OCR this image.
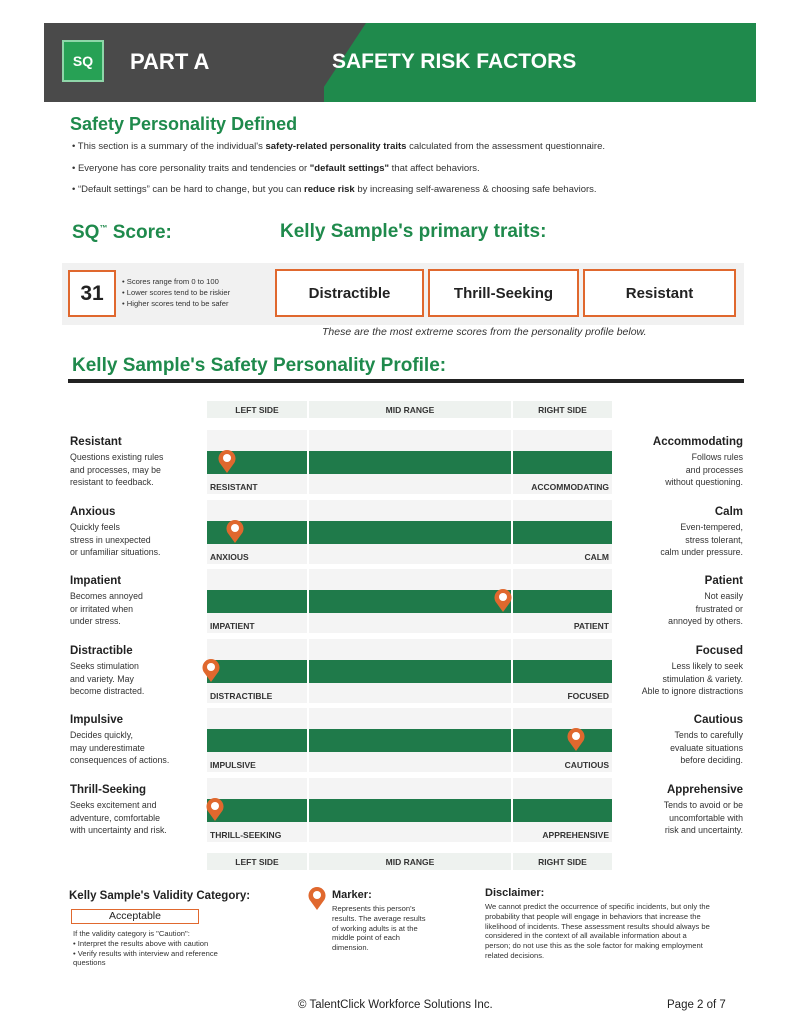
SQ	PART A	SAFETY RISK FACTORS
Safety Personality Defined
• This section is a summary of the individual's safety-related personality traits calculated from the assessment questionnaire.
• Everyone has core personality traits and tendencies or "default settings" that affect behaviors.
• “Default settings” can be hard to change, but you can reduce risk by increasing self-awareness & choosing safe behaviors.
SQ™ Score:	Kelly Sample's primary traits:
31	• Scores range from 0 to 100
• Lower scores tend to be riskier
• Higher scores tend to be safer
Distractible	Thrill-Seeking	Resistant
These are the most extreme scores from the personality profile below.
Kelly Sample's Safety Personality Profile:
LEFT SIDE	MID RANGE	RIGHT SIDE
Resistant
Questions existing rules
and processes, may be
resistant to feedback.
Accommodating
Follows rules
and processes
without questioning.
RESISTANT	ACCOMMODATING
Anxious
Quickly feels
stress in unexpected
or unfamiliar situations.
Calm
Even-tempered,
stress tolerant,
calm under pressure.
ANXIOUS	CALM
Impatient
Becomes annoyed
or irritated when
under stress.
Patient
Not easily
frustrated or
annoyed by others.
IMPATIENT	PATIENT
Distractible
Seeks stimulation
and variety. May
become distracted.
Focused
Less likely to seek
stimulation & variety.
Able to ignore distractions
DISTRACTIBLE	FOCUSED
Impulsive
Decides quickly,
may underestimate
consequences of actions.
Cautious
Tends to carefully
evaluate situations
before deciding.
IMPULSIVE	CAUTIOUS
Thrill-Seeking
Seeks excitement and
adventure, comfortable
with uncertainty and risk.
Apprehensive
Tends to avoid or be
uncomfortable with
risk and uncertainty.
THRILL-SEEKING	APPREHENSIVE
LEFT SIDE	MID RANGE	RIGHT SIDE
Kelly Sample's Validity Category:
Acceptable
If the validity category is "Caution":
• Interpret the results above with caution
• Verify results with interview and reference
questions
Marker:
Represents this person's
results. The average results
of working adults is at the
middle point of each
dimension.
Disclaimer:
We cannot predict the occurrence of specific incidents, but only the
probability that people will engage in behaviors that increase the
likelihood of incidents. These assessment results should always be
considered in the context of all available information about a
person; do not use this as the sole factor for making employment
related decisions.
© TalentClick Workforce Solutions Inc.	Page 2 of 7
